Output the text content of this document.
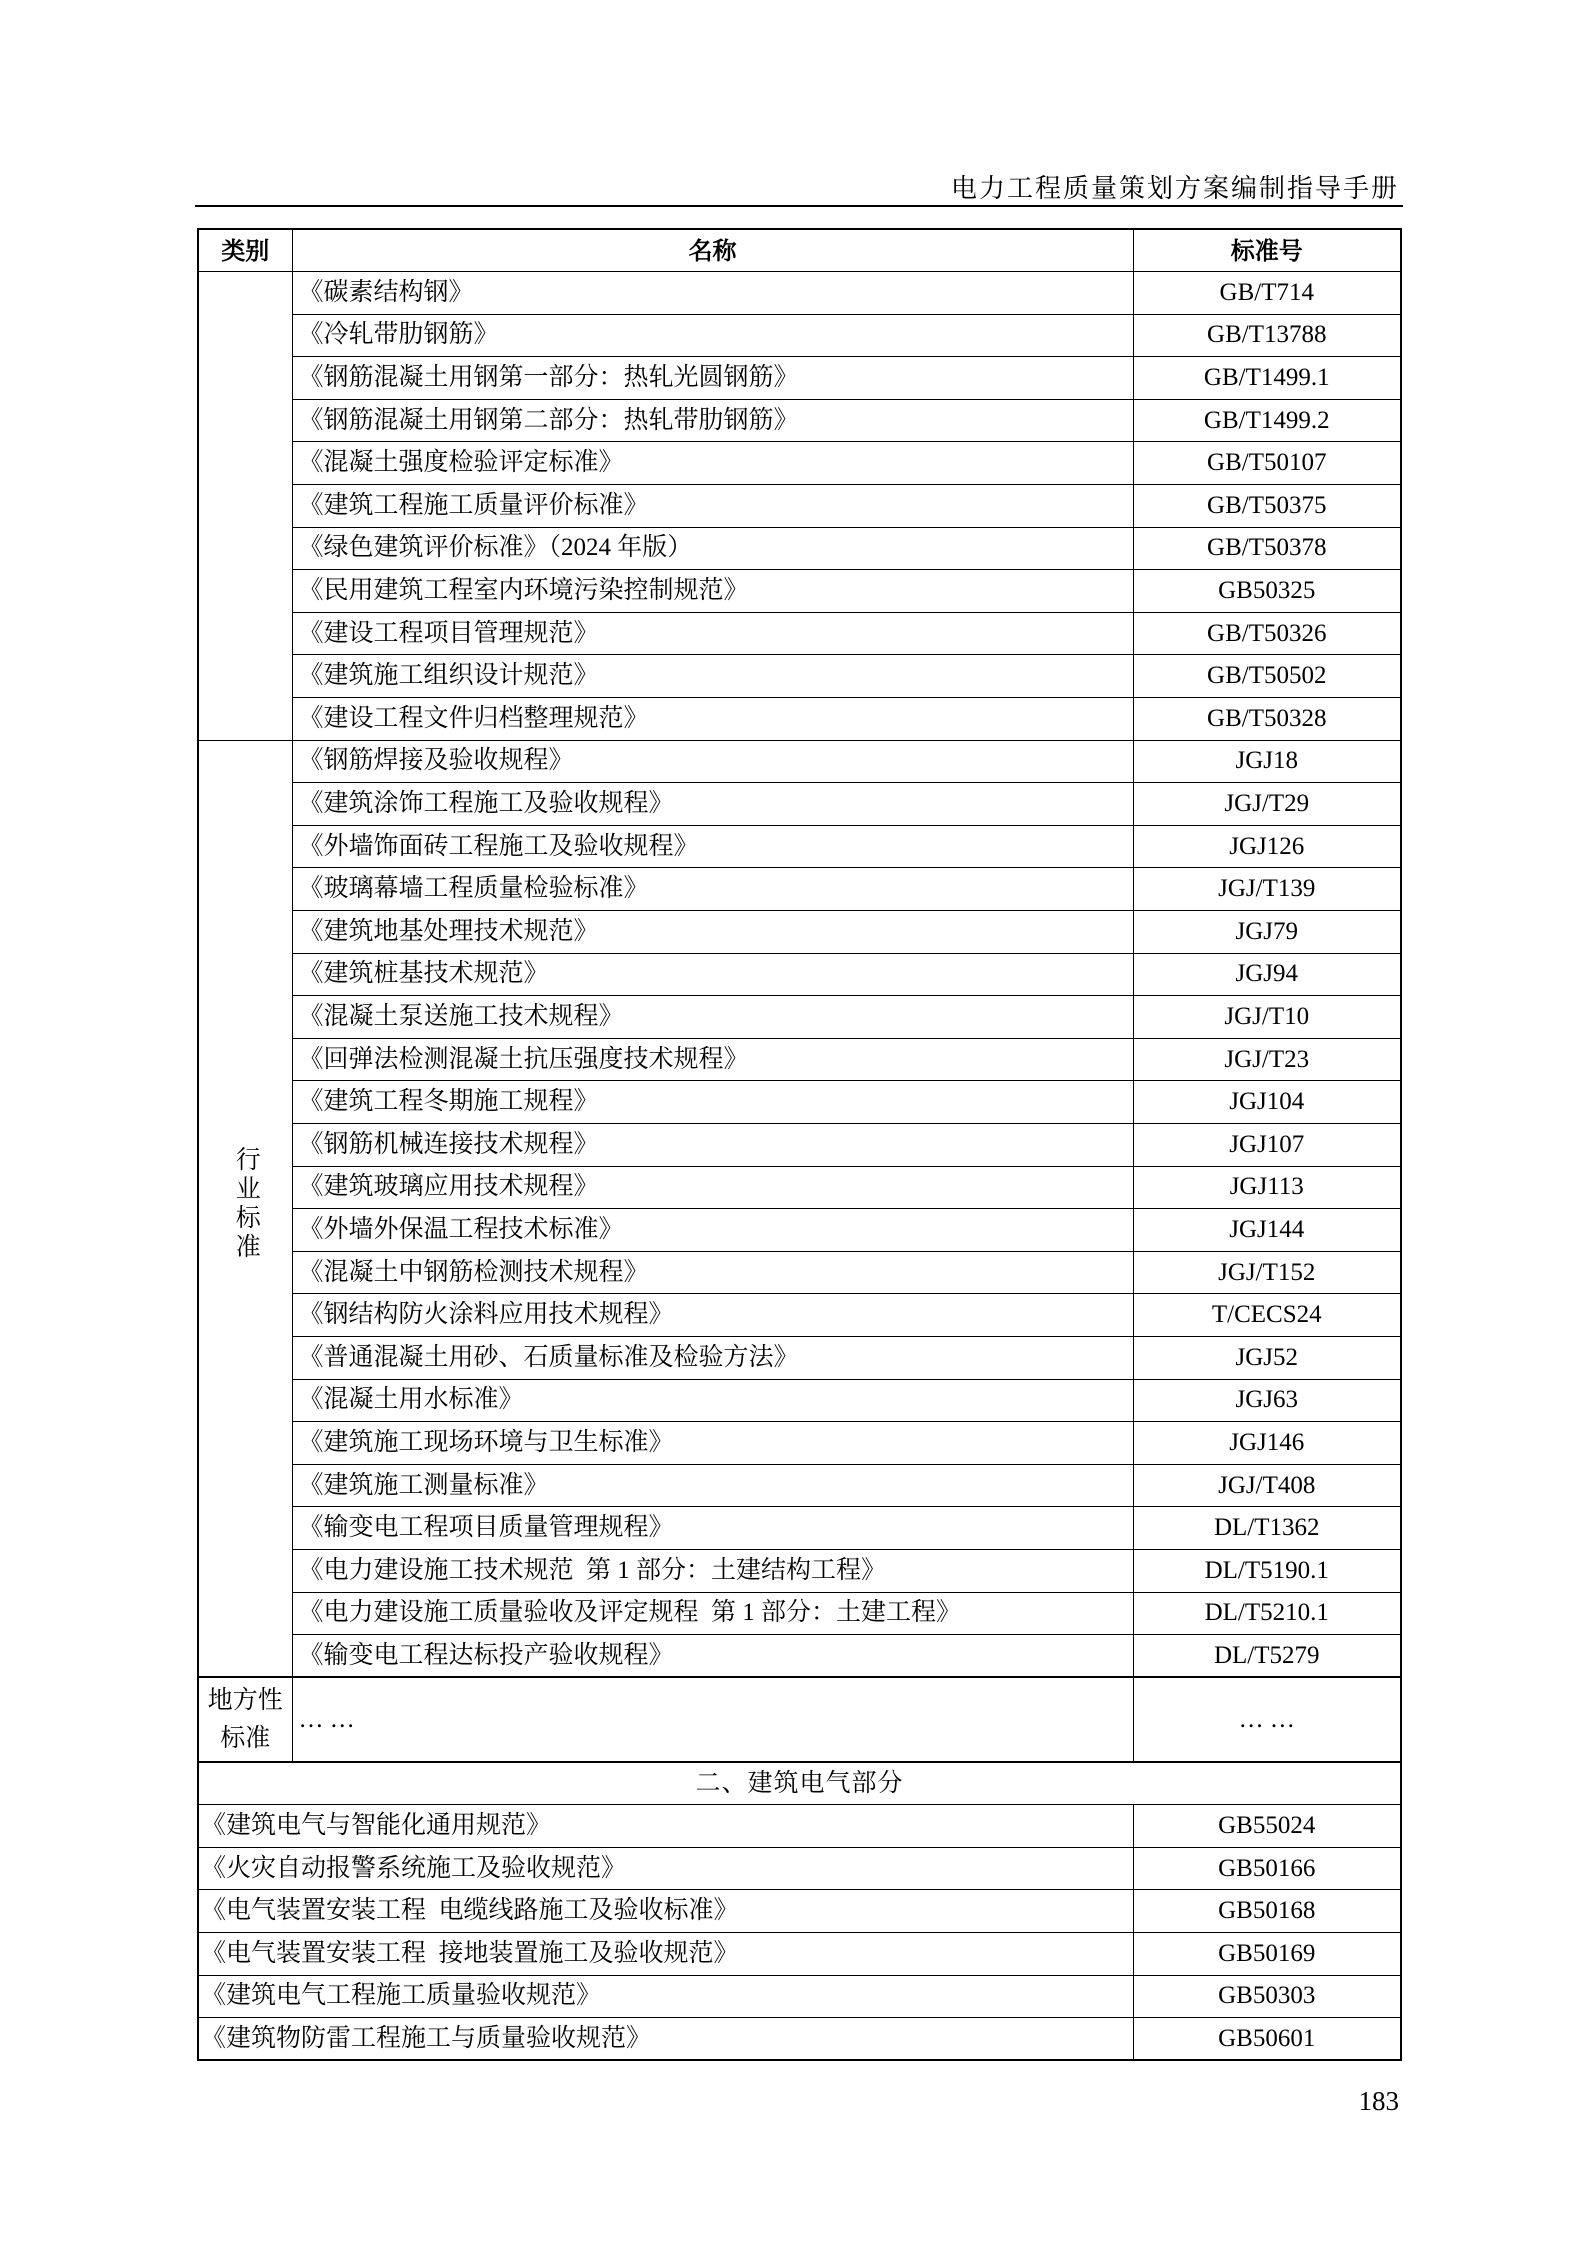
电力工程质量策划方案编制指导手册
类别	名称	标准号
	《碳素结构钢》	GB/T714
	《冷轧带肋钢筋》	GB/T13788
	《钢筋混凝土用钢第一部分：热轧光圆钢筋》	GB/T1499.1
	《钢筋混凝土用钢第二部分：热轧带肋钢筋》	GB/T1499.2
	《混凝土强度检验评定标准》	GB/T50107
	《建筑工程施工质量评价标准》	GB/T50375
	《绿色建筑评价标准》（2024 年版）	GB/T50378
	《民用建筑工程室内环境污染控制规范》	GB50325
	《建设工程项目管理规范》	GB/T50326
	《建筑施工组织设计规范》	GB/T50502
	《建设工程文件归档整理规范》	GB/T50328
行业标准	《钢筋焊接及验收规程》	JGJ18
	《建筑涂饰工程施工及验收规程》	JGJ/T29
	《外墙饰面砖工程施工及验收规程》	JGJ126
	《玻璃幕墙工程质量检验标准》	JGJ/T139
	《建筑地基处理技术规范》	JGJ79
	《建筑桩基技术规范》	JGJ94
	《混凝土泵送施工技术规程》	JGJ/T10
	《回弹法检测混凝土抗压强度技术规程》	JGJ/T23
	《建筑工程冬期施工规程》	JGJ104
	《钢筋机械连接技术规程》	JGJ107
	《建筑玻璃应用技术规程》	JGJ113
	《外墙外保温工程技术标准》	JGJ144
	《混凝土中钢筋检测技术规程》	JGJ/T152
	《钢结构防火涂料应用技术规程》	T/CECS24
	《普通混凝土用砂、石质量标准及检验方法》	JGJ52
	《混凝土用水标准》	JGJ63
	《建筑施工现场环境与卫生标准》	JGJ146
	《建筑施工测量标准》	JGJ/T408
	《输变电工程项目质量管理规程》	DL/T1362
	《电力建设施工技术规范  第 1 部分：土建结构工程》	DL/T5190.1
	《电力建设施工质量验收及评定规程  第 1 部分：土建工程》	DL/T5210.1
	《输变电工程达标投产验收规程》	DL/T5279
地方性标准	… …	… …
二、建筑电气部分		
《建筑电气与智能化通用规范》		GB55024
《火灾自动报警系统施工及验收规范》		GB50166
《电气装置安装工程  电缆线路施工及验收标准》		GB50168
《电气装置安装工程  接地装置施工及验收规范》		GB50169
《建筑电气工程施工质量验收规范》		GB50303
《建筑物防雷工程施工与质量验收规范》		GB50601
183
